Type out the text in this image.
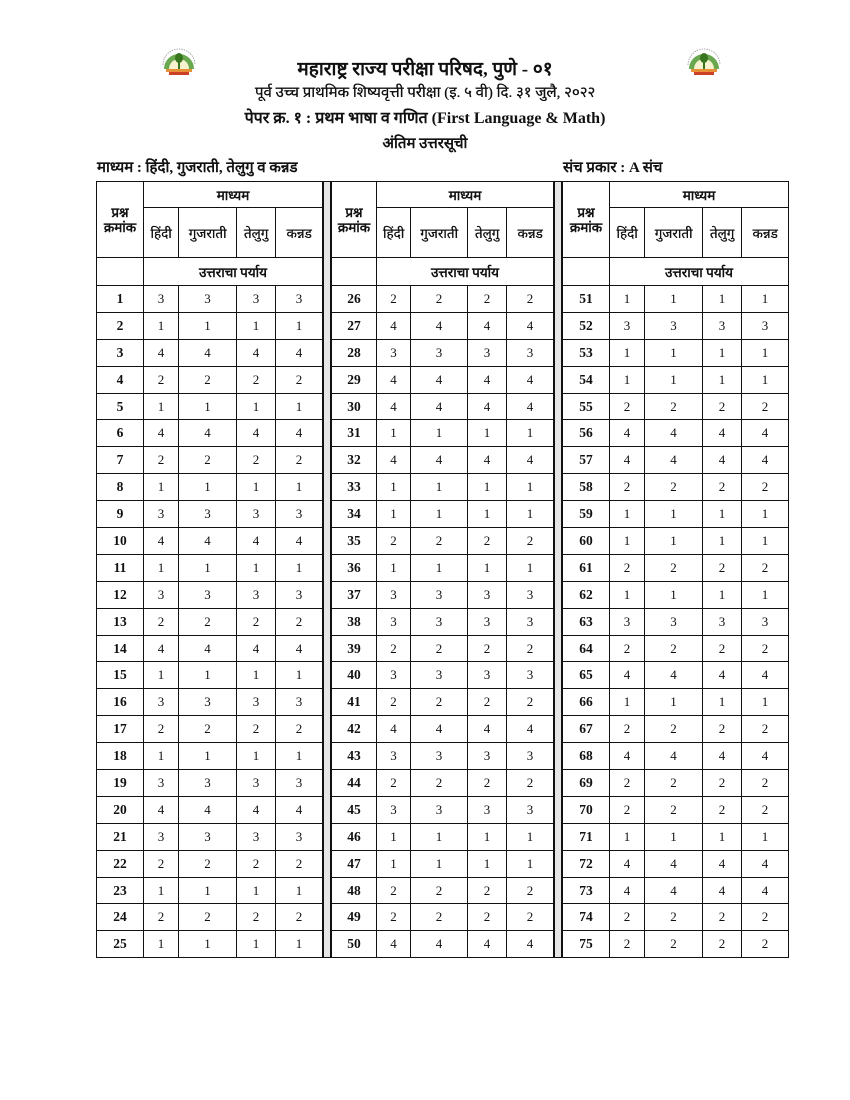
महाराष्ट्र राज्य परीक्षा परिषद, पुणे - ०१
पूर्व उच्च प्राथमिक शिष्यवृत्ती परीक्षा (इ. ५ वी) दि. ३१ जुलै, २०२२
पेपर क्र. १ : प्रथम भाषा व गणित (First Language & Math)
अंतिम उत्तरसूची
माध्यम : हिंदी, गुजराती, तेलुगु व कन्नड	संच प्रकार : A संच
प्रश्न
क्रमांक	माध्यम			
	हिंदी	गुजराती	तेलुगु	कन्नड
	उत्तराचा पर्याय			
1	3	3	3	3
2	1	1	1	1
3	4	4	4	4
4	2	2	2	2
5	1	1	1	1
6	4	4	4	4
7	2	2	2	2
8	1	1	1	1
9	3	3	3	3
10	4	4	4	4
11	1	1	1	1
12	3	3	3	3
13	2	2	2	2
14	4	4	4	4
15	1	1	1	1
16	3	3	3	3
17	2	2	2	2
18	1	1	1	1
19	3	3	3	3
20	4	4	4	4
21	3	3	3	3
22	2	2	2	2
23	1	1	1	1
24	2	2	2	2
25	1	1	1	1
प्रश्न
क्रमांक	माध्यम			
	हिंदी	गुजराती	तेलुगु	कन्नड
	उत्तराचा पर्याय			
26	2	2	2	2
27	4	4	4	4
28	3	3	3	3
29	4	4	4	4
30	4	4	4	4
31	1	1	1	1
32	4	4	4	4
33	1	1	1	1
34	1	1	1	1
35	2	2	2	2
36	1	1	1	1
37	3	3	3	3
38	3	3	3	3
39	2	2	2	2
40	3	3	3	3
41	2	2	2	2
42	4	4	4	4
43	3	3	3	3
44	2	2	2	2
45	3	3	3	3
46	1	1	1	1
47	1	1	1	1
48	2	2	2	2
49	2	2	2	2
50	4	4	4	4
प्रश्न
क्रमांक	माध्यम			
	हिंदी	गुजराती	तेलुगु	कन्नड
	उत्तराचा पर्याय			
51	1	1	1	1
52	3	3	3	3
53	1	1	1	1
54	1	1	1	1
55	2	2	2	2
56	4	4	4	4
57	4	4	4	4
58	2	2	2	2
59	1	1	1	1
60	1	1	1	1
61	2	2	2	2
62	1	1	1	1
63	3	3	3	3
64	2	2	2	2
65	4	4	4	4
66	1	1	1	1
67	2	2	2	2
68	4	4	4	4
69	2	2	2	2
70	2	2	2	2
71	1	1	1	1
72	4	4	4	4
73	4	4	4	4
74	2	2	2	2
75	2	2	2	2
